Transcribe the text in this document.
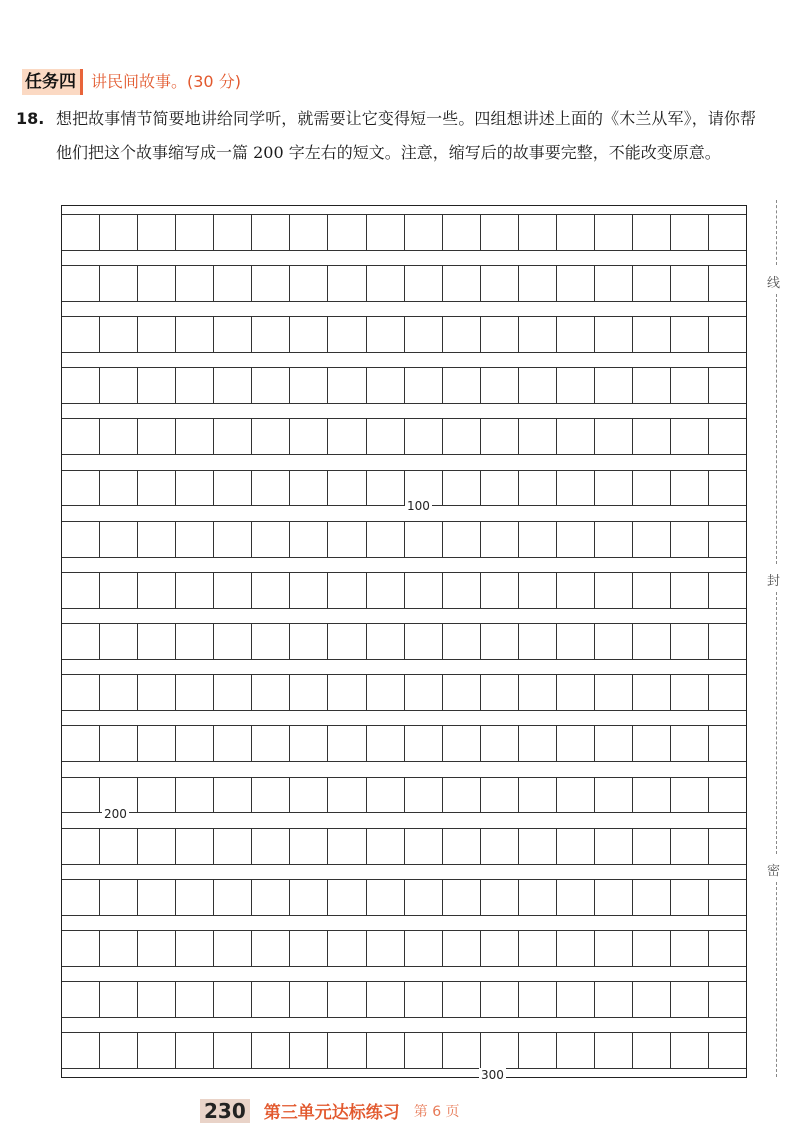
任务四 讲民间故事。(30 分)
18. 想把故事情节简要地讲给同学听，就需要让它变得短一些。四组想讲述上面的《木兰从军》，请你帮他们把这个故事缩写成一篇 200 字左右的短文。注意，缩写后的故事要完整，不能改变原意。
100
200
300
线
封
密
230 第三单元达标练习 第 6 页
